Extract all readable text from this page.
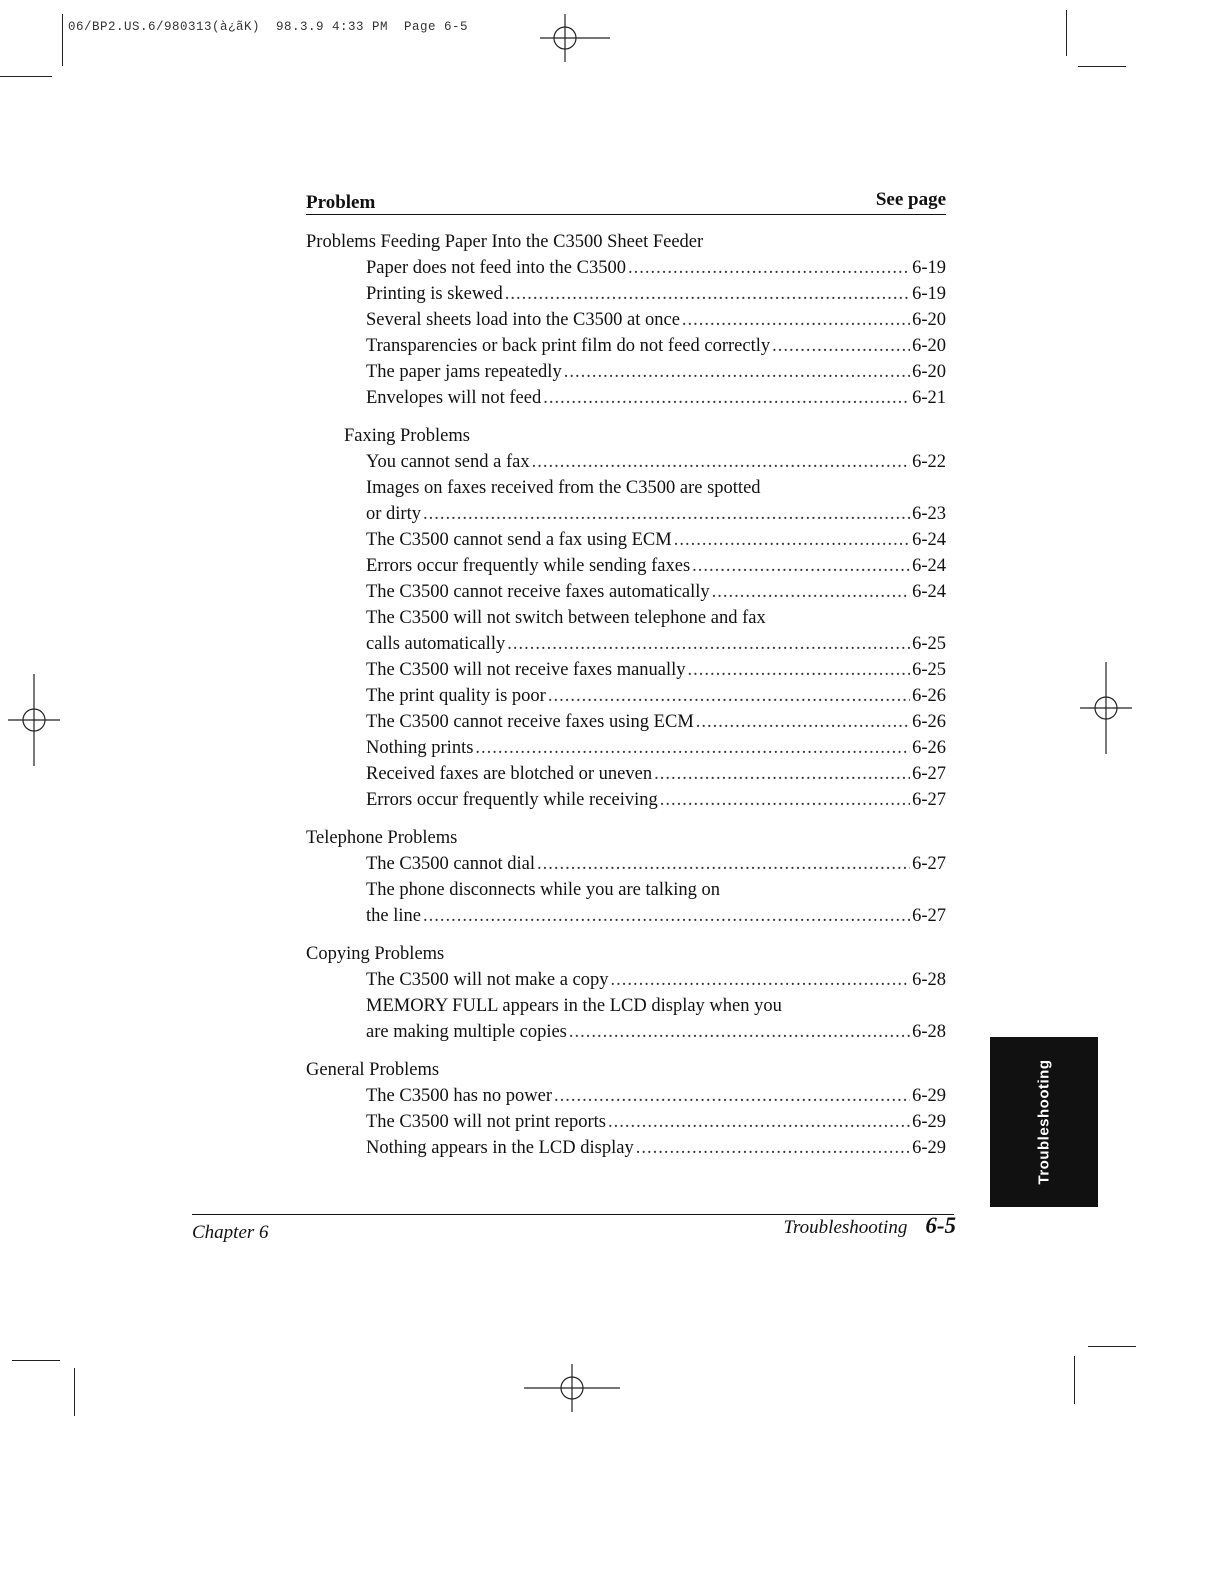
06/BP2.US.6/980313(à¿ãK)  98.3.9 4:33 PM  Page 6-5
Problem	See page
Problems Feeding Paper Into the C3500 Sheet Feeder
Paper does not feed into the C3500 .....	6-19
Printing is skewed .....	6-19
Several sheets load into the C3500 at once .....	6-20
Transparencies or back print film do not feed correctly .....	6-20
The paper jams repeatedly .....	6-20
Envelopes will not feed .....	6-21
Faxing Problems
You cannot send a fax .....	6-22
Images on faxes received from the C3500 are spotted
or dirty .....	6-23
The C3500 cannot send a fax using ECM .....	6-24
Errors occur frequently while sending faxes .....	6-24
The C3500 cannot receive faxes automatically .....	6-24
The C3500 will not switch between telephone and fax
calls automatically .....	6-25
The C3500 will not receive faxes manually .....	6-25
The print quality is poor .....	6-26
The C3500 cannot receive faxes using ECM .....	6-26
Nothing prints .....	6-26
Received faxes are blotched or uneven .....	6-27
Errors occur frequently while receiving .....	6-27
Telephone Problems
The C3500 cannot dial .....	6-27
The phone disconnects while you are talking on
the line .....	6-27
Copying Problems
The C3500 will not make a copy .....	6-28
MEMORY FULL appears in the LCD display when you
are making multiple copies .....	6-28
General Problems
The C3500 has no power .....	6-29
The C3500 will not print reports .....	6-29
Nothing appears in the LCD display .....	6-29	Troubleshooting
Chapter 6	Troubleshooting 6-5
